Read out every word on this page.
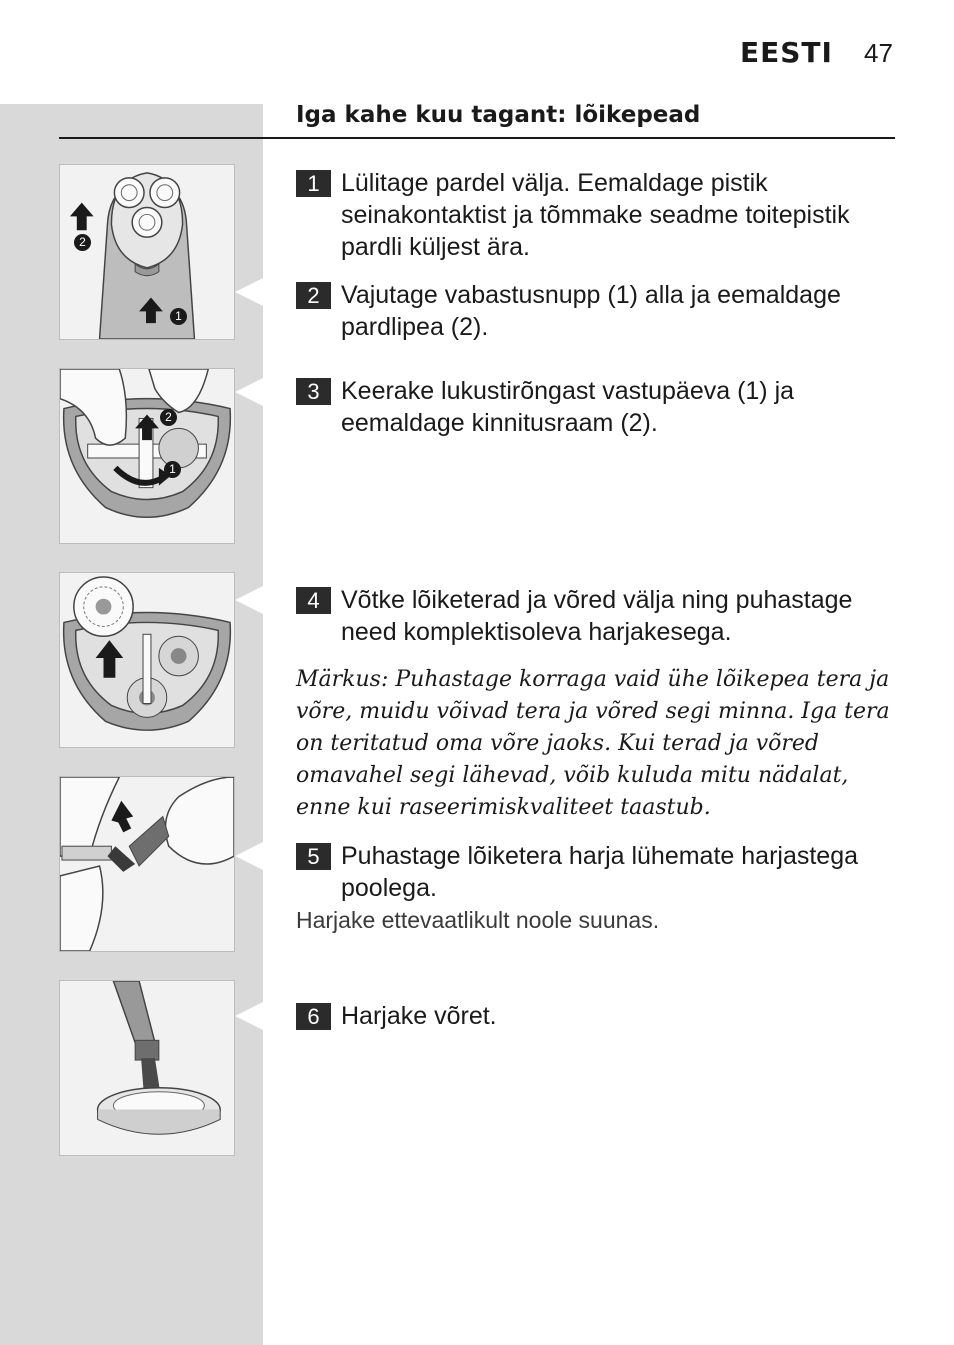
EESTI 47
Iga kahe kuu tagant: lõikepead
2
1
2
1
1 Lülitage pardel välja. Eemaldage pistik seinakontaktist ja tõmmake seadme toitepistik pardli küljest ära.
2 Vajutage vabastusnupp (1) alla ja eemaldage pardlipea (2).
3 Keerake lukustirõngast vastupäeva (1) ja eemaldage kinnitusraam (2).
4 Võtke lõiketerad ja võred välja ning puhastage need komplektisoleva harjakesega.
Märkus: Puhastage korraga vaid ühe lõikepea tera ja võre, muidu võivad tera ja võred segi minna. Iga tera on teritatud oma võre jaoks. Kui terad ja võred omavahel segi lähevad, võib kuluda mitu nädalat, enne kui raseerimiskvaliteet taastub.
5 Puhastage lõiketera harja lühemate harjastega poolega.
Harjake ettevaatlikult noole suunas.
6 Harjake võret.
